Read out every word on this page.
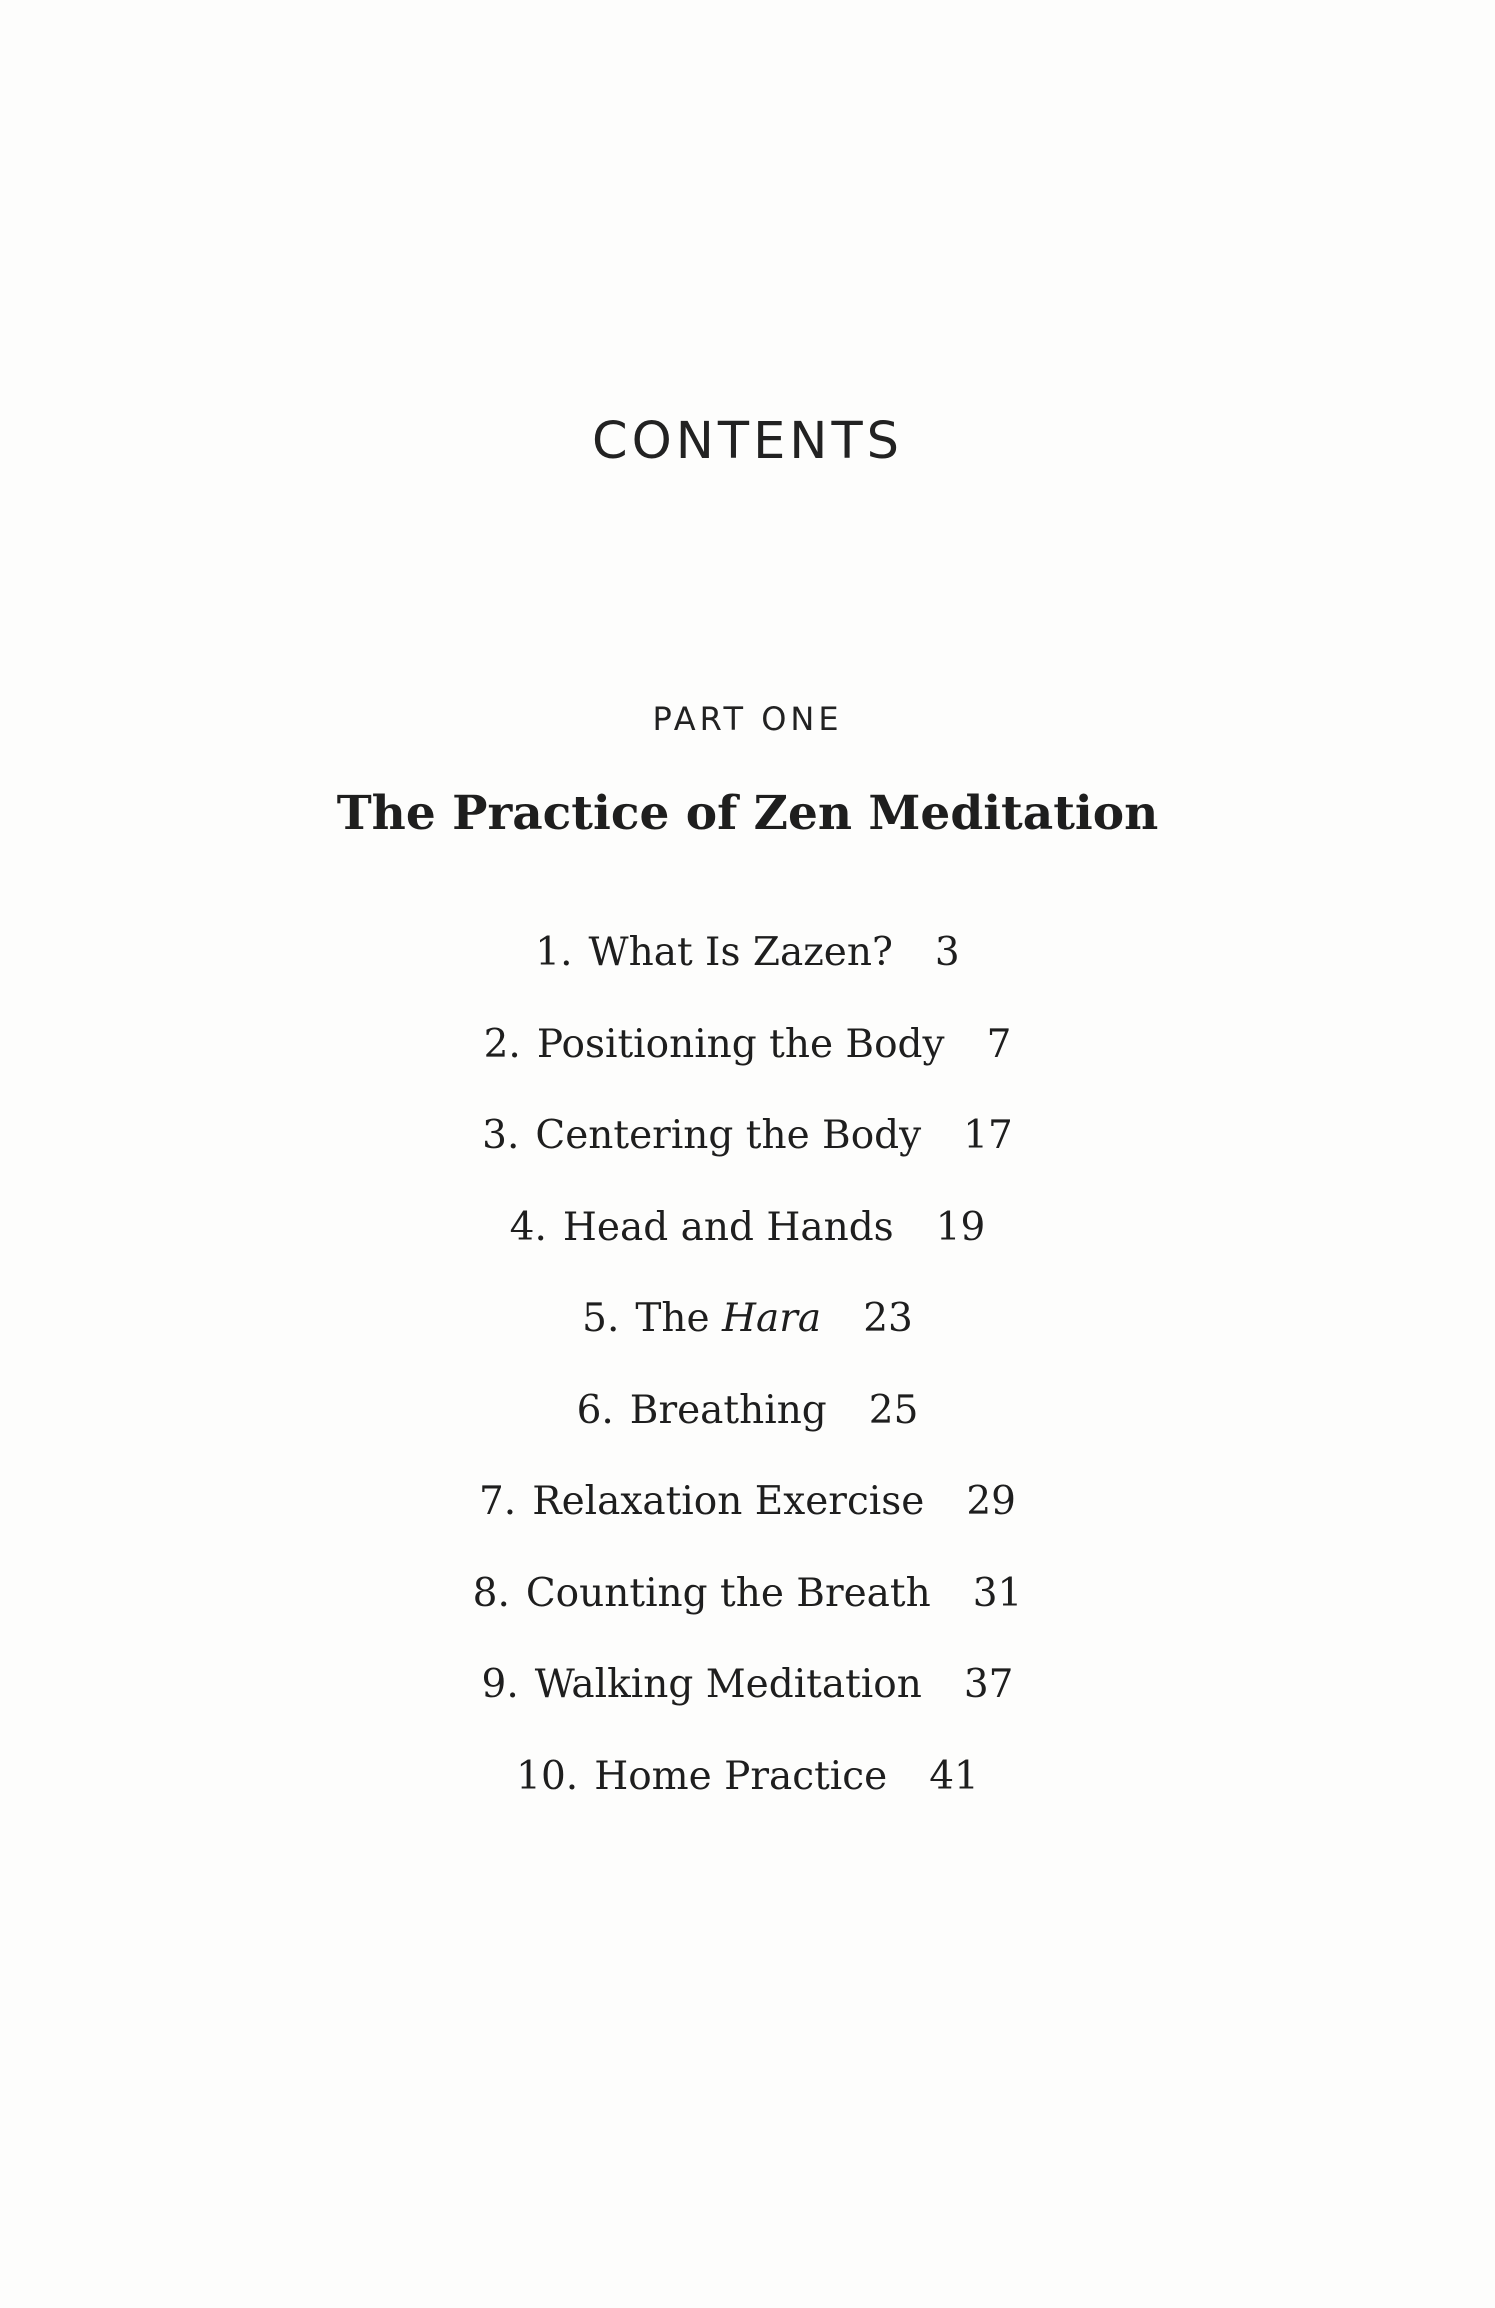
CONTENTS
PART ONE
The Practice of Zen Meditation
1. What Is Zazen? 3
2. Positioning the Body 7
3. Centering the Body 17
4. Head and Hands 19
5. The Hara 23
6. Breathing 25
7. Relaxation Exercise 29
8. Counting the Breath 31
9. Walking Meditation 37
10. Home Practice 41
